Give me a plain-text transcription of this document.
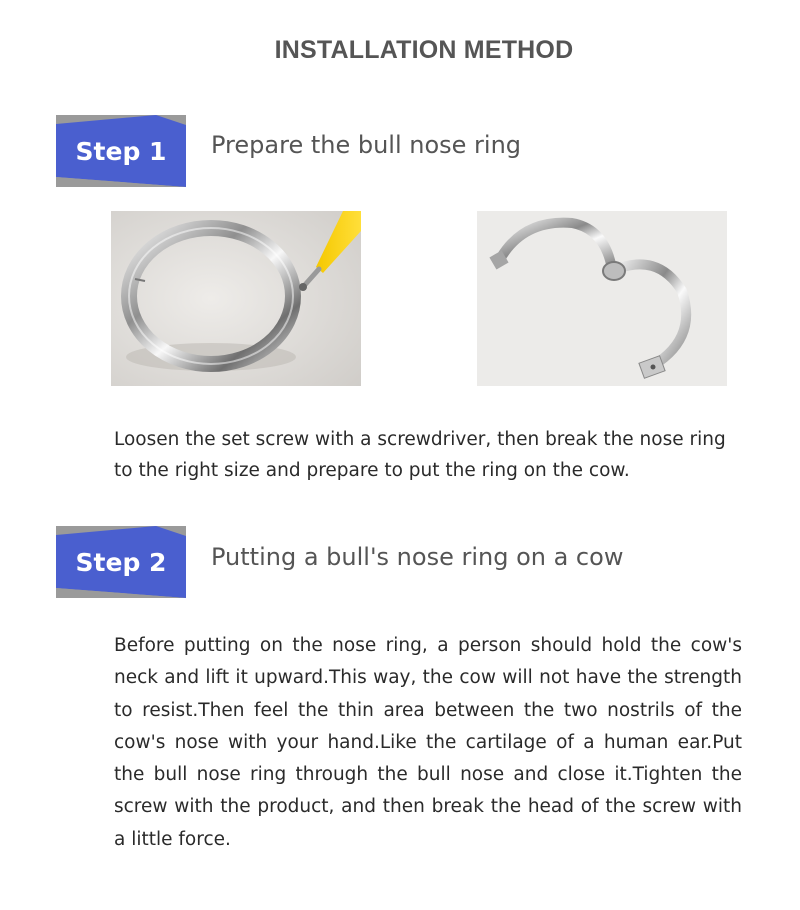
INSTALLATION METHOD
Step 1	Prepare the bull nose ring

Loosen the set screw with a screwdriver, then break the nose ring to the right size and prepare to put the ring on the cow.

Step 2	Putting a bull's nose ring on a cow

Before putting on the nose ring, a person should hold the cow's neck and lift it upward.This way, the cow will not have the strength to resist.Then feel the thin area between the two nostrils of the cow's nose with your hand.Like the cartilage of a human ear.Put the bull nose ring through the bull nose and close it.Tighten the screw with the product, and then break the head of the screw with a little force.
